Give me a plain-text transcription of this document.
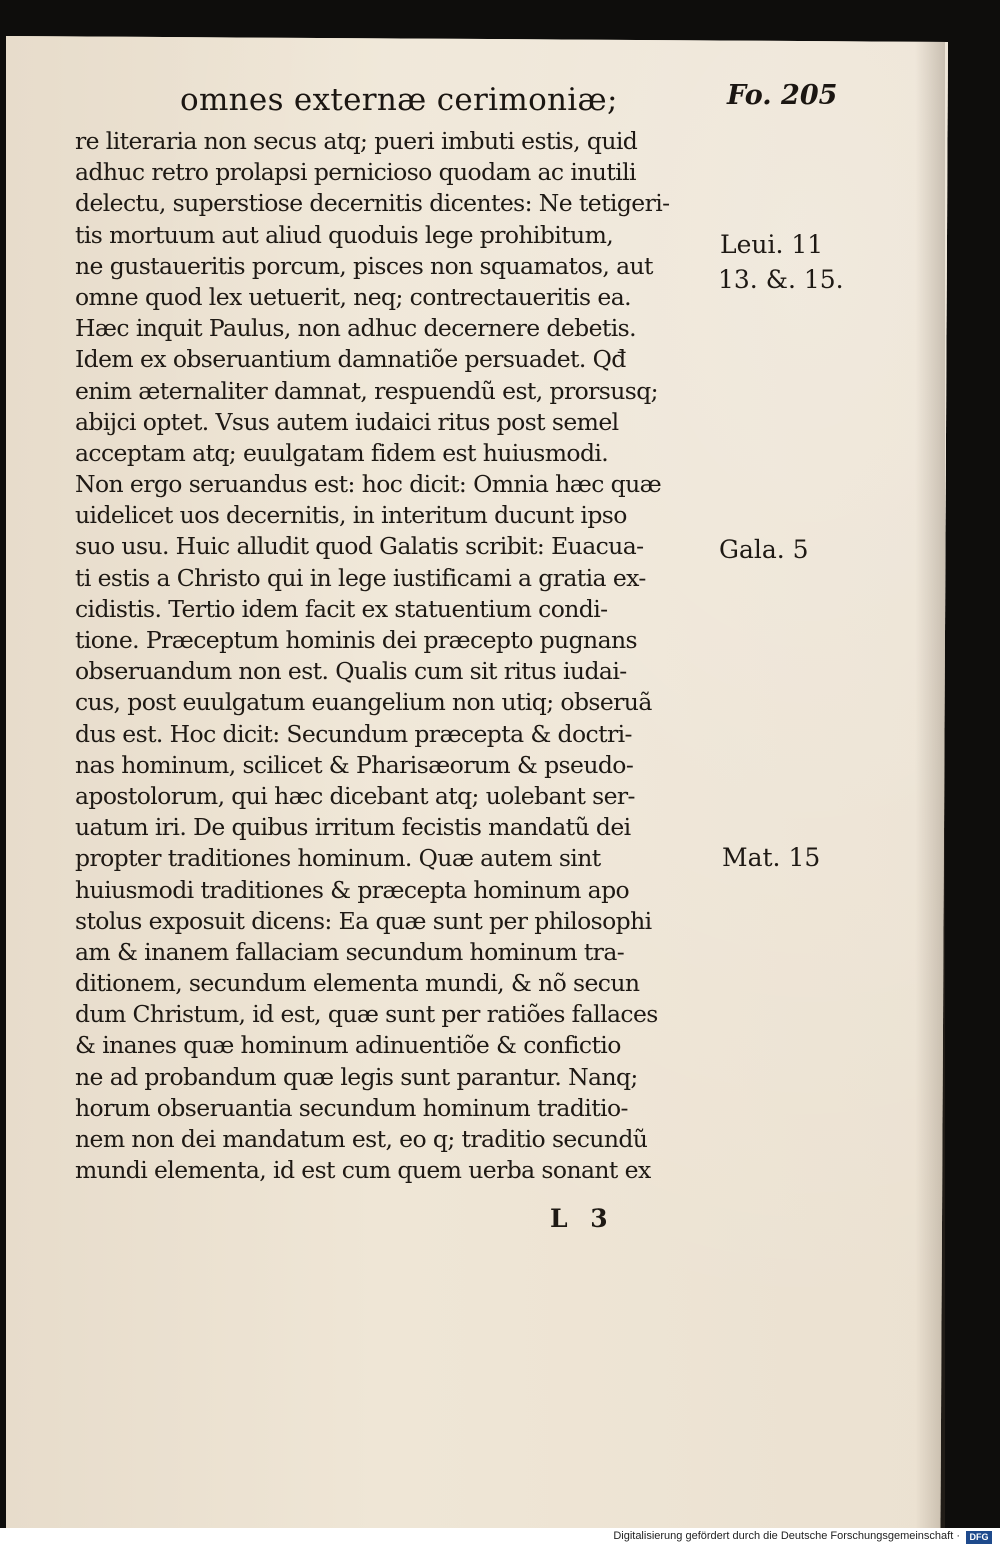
omnes externæ cerimoniæ;	Fo. 205
re literaria non secus atq; pueri imbuti estis, quid
adhuc retro prolapsi pernicioso quodam ac inutili
delectu, superstiose decernitis dicentes: Ne tetigeri-
tis mortuum aut aliud quoduis lege prohibitum,
ne gustaueritis porcum, pisces non squamatos, aut
omne quod lex uetuerit, neq; contrectaueritis ea.
Hæc inquit Paulus, non adhuc decernere debetis.
Idem ex obseruantium damnatiõe persuadet. Qđ
enim æternaliter damnat, respuendũ est, prorsusq;
abijci optet. Vsus autem iudaici ritus post semel
acceptam atq; euulgatam fidem est huiusmodi.
Non ergo seruandus est: hoc dicit: Omnia hæc quæ
uidelicet uos decernitis, in interitum ducunt ipso
suo usu. Huic alludit quod Galatis scribit: Euacua-
ti estis a Christo qui in lege iustificami a gratia ex-
cidistis. Tertio idem facit ex statuentium condi-
tione. Præceptum hominis dei præcepto pugnans
obseruandum non est. Qualis cum sit ritus iudai-
cus, post euulgatum euangelium non utiq; obseruã
dus est. Hoc dicit: Secundum præcepta & doctri-
nas hominum, scilicet & Pharisæorum & pseudo-
apostolorum, qui hæc dicebant atq; uolebant ser-
uatum iri. De quibus irritum fecistis mandatũ dei
propter traditiones hominum. Quæ autem sint
huiusmodi traditiones & præcepta hominum apo
stolus exposuit dicens: Ea quæ sunt per philosophi
am & inanem fallaciam secundum hominum tra-
ditionem, secundum elementa mundi, & nõ secun
dum Christum, id est, quæ sunt per ratiões fallaces
& inanes quæ hominum adinuentiõe & confictio
ne ad probandum quæ legis sunt parantur. Nanq;
horum obseruantia secundum hominum traditio-
nem non dei mandatum est, eo q; traditio secundũ
mundi elementa, id est cum quem uerba sonant ex
Leui. 11
13. &. 15.
Gala. 5
Mat. 15
L 3
Digitalisierung gefördert durch die Deutsche Forschungsgemeinschaft ·	DFG
